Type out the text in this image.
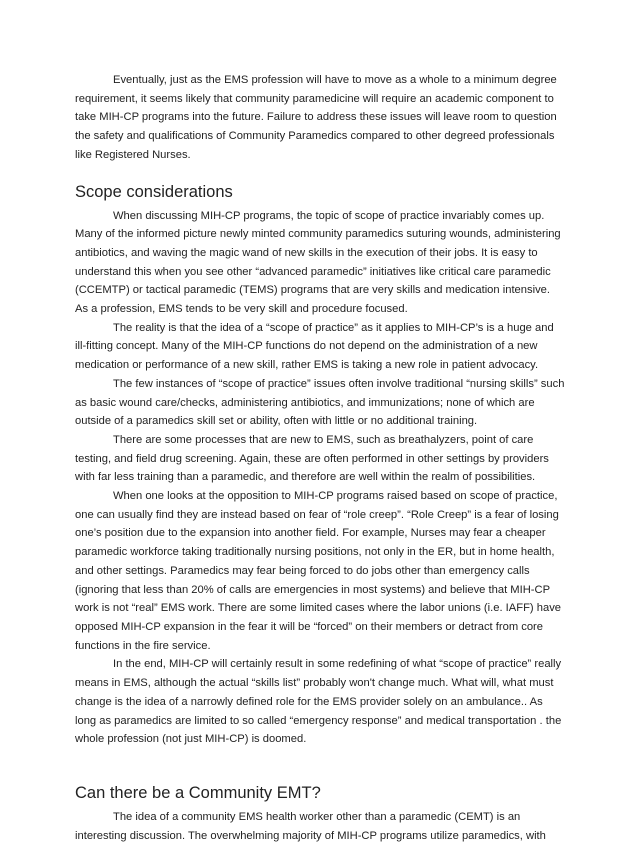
Eventually, just as the EMS profession will have to move as a whole to a minimum degree requirement, it seems likely that community paramedicine will require an academic component to take MIH-CP programs into the future. Failure to address these issues will leave room to question the safety and qualifications of Community Paramedics compared to other degreed professionals like Registered Nurses.

Scope considerations

When discussing MIH-CP programs, the topic of scope of practice invariably comes up. Many of the informed picture newly minted community paramedics suturing wounds, administering antibiotics, and waving the magic wand of new skills in the execution of their jobs. It is easy to understand this when you see other “advanced paramedic” initiatives like critical care paramedic (CCEMTP) or tactical paramedic (TEMS) programs that are very skills and medication intensive. As a profession, EMS tends to be very skill and procedure focused.

The reality is that the idea of a “scope of practice” as it applies to MIH-CP’s is a huge and ill-fitting concept. Many of the MIH-CP functions do not depend on the administration of a new medication or performance of a new skill, rather EMS is taking a new role in patient advocacy.

The few instances of “scope of practice” issues often involve traditional “nursing skills” such as basic wound care/checks, administering antibiotics, and immunizations; none of which are outside of a paramedics skill set or ability, often with little or no additional training.

There are some processes that are new to EMS, such as breathalyzers, point of care testing, and field drug screening. Again, these are often performed in other settings by providers with far less training than a paramedic, and therefore are well within the realm of possibilities.

When one looks at the opposition to MIH-CP programs raised based on scope of practice, one can usually find they are instead based on fear of “role creep”. “Role Creep” is a fear of losing one’s position due to the expansion into another field. For example, Nurses may fear a cheaper paramedic workforce taking traditionally nursing positions, not only in the ER, but in home health, and other settings. Paramedics may fear being forced to do jobs other than emergency calls (ignoring that less than 20% of calls are emergencies in most systems) and believe that MIH-CP work is not “real” EMS work. There are some limited cases where the labor unions (i.e. IAFF) have opposed MIH-CP expansion in the fear it will be “forced” on their members or detract from core functions in the fire service.

In the end, MIH-CP will certainly result in some redefining of what “scope of practice” really means in EMS, although the actual “skills list” probably won't change much. What will, what must change is the idea of a narrowly defined role for the EMS provider solely on an ambulance.. As long as paramedics are limited to so called “emergency response” and medical transportation . the whole profession (not just MIH-CP) is doomed.

Can there be a Community EMT?

The idea of a community EMS health worker other than a paramedic (CEMT) is an interesting discussion. The overwhelming majority of MIH-CP programs utilize paramedics, with
